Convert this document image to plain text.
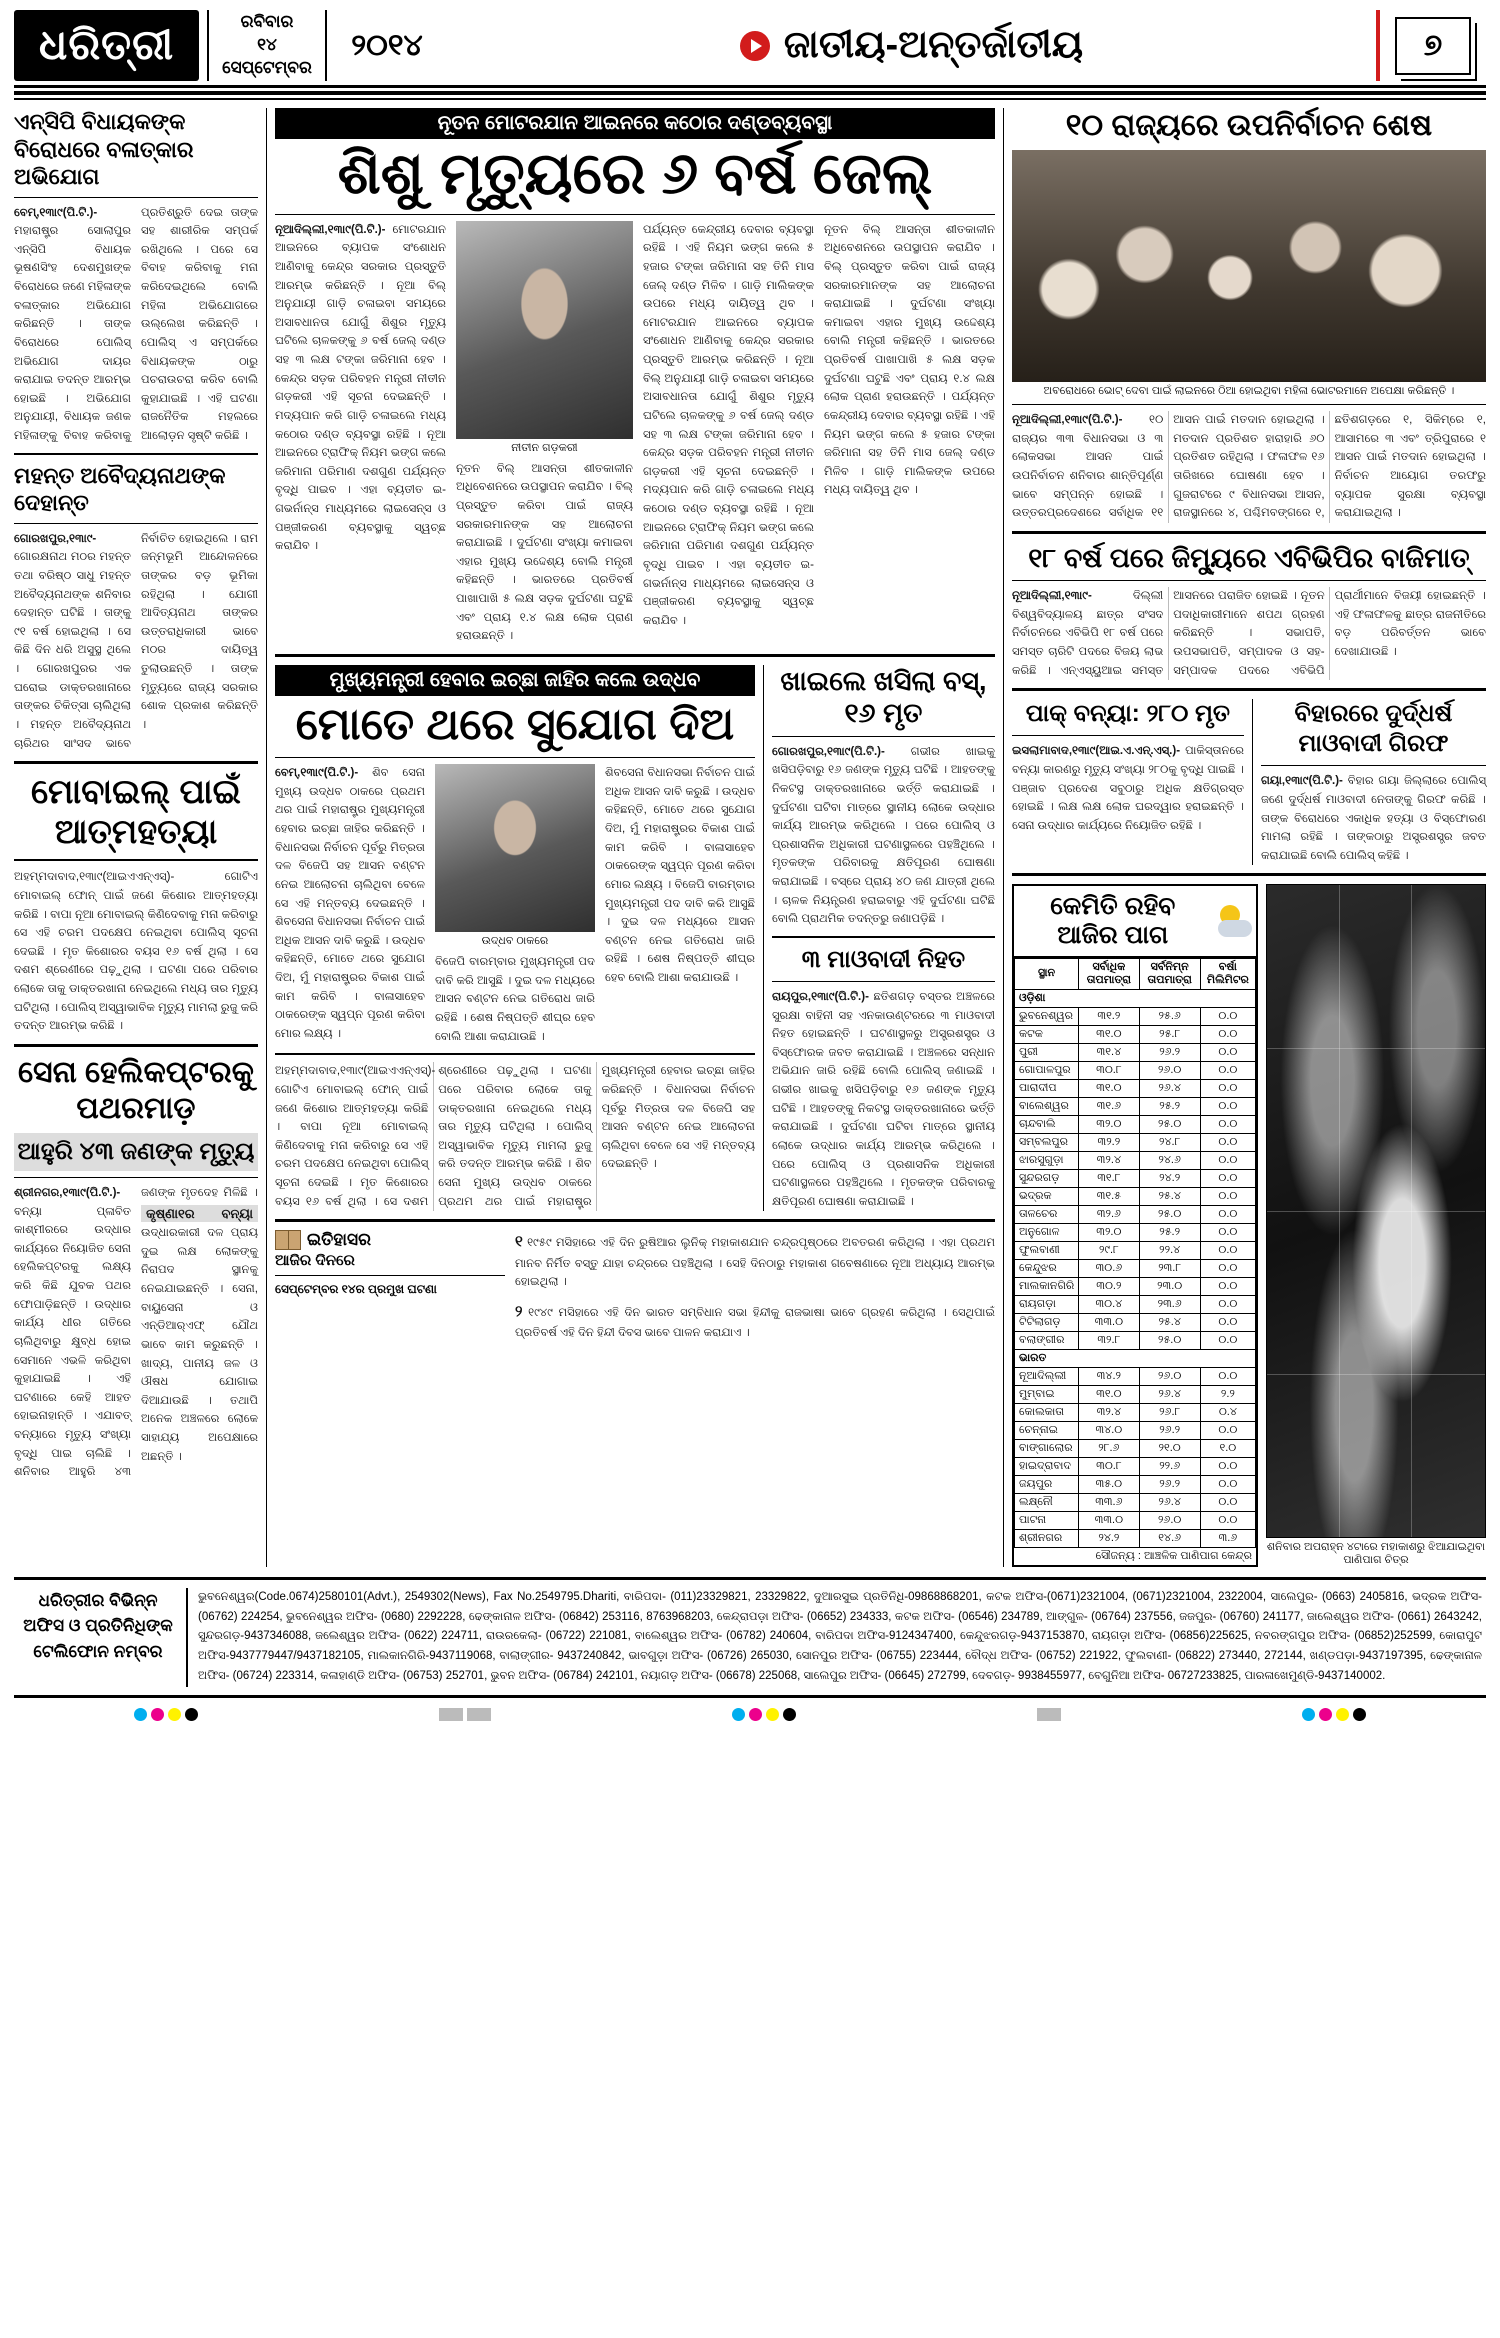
ଧରିତ୍ରୀ
ରବିବାର
୧୪ ସେପ୍ଟେମ୍ବର
୨୦୧୪	ଜାତୀୟ-ଅନ୍ତର୍ଜାତୀୟ	୭
ଏନ୍‌ସିପି ବିଧାୟକଙ୍କ ବିରୋଧରେ ବଳାତ୍କାର ଅଭିଯୋଗ
ବେମ୍‌,୧୩ା୯(ପି.ଟି.)- ମହାରାଷ୍ଟ୍ର ସୋଲାପୁର ଏନ୍‌ସିପି ବିଧାୟକ ଭୂଷଣସିଂହ ଦେଶମୁଖଙ୍କ ବିରୋଧରେ ଜଣେ ମହିଳାଙ୍କ ବଳାତ୍କାର ଅଭିଯୋଗ କରିଛନ୍ତି । ତାଙ୍କ ବିରୋଧରେ ପୋଲିସ୍‌ ଅଭିଯୋଗ ଦାୟର କରାଯାଇ ତଦନ୍ତ ଆରମ୍ଭ ହୋଇଛି । ଅଭିଯୋଗ ଅନୁଯାୟୀ, ବିଧାୟକ ଜଣକ ମହିଳାଙ୍କୁ ବିବାହ କରିବାକୁ ପ୍ରତିଶ୍ରୁତି ଦେଇ ତାଙ୍କ ସହ ଶାରୀରିକ ସମ୍ପର୍କ ରଖିଥିଲେ । ପରେ ସେ ବିବାହ କରିବାକୁ ମନା କରିଦେଇଥିଲେ ବୋଲି ମହିଳା ଅଭିଯୋଗରେ ଉଲ୍ଲେଖ କରିଛନ୍ତି । ପୋଲିସ୍‌ ଏ ସମ୍ପର୍କରେ ବିଧାୟକଙ୍କ ଠାରୁ ପଚରାଉଚରା କରିବ ବୋଲି କୁହାଯାଇଛି । ଏହି ଘଟଣା ରାଜନୈତିକ ମହଲରେ ଆଲୋଡ଼ନ ସୃଷ୍ଟି କରିଛି ।
ମହନ୍ତ ଅବୈଦ୍ୟନାଥଙ୍କ ଦେହାନ୍ତ
ଗୋରଖପୁର,୧୩ା୯- ଗୋରକ୍ଷନାଥ ମଠର ମହନ୍ତ ତଥା ବରିଷ୍ଠ ସାଧୁ ମହନ୍ତ ଅବୈଦ୍ୟନାଥଙ୍କ ଶନିବାର ଦେହାନ୍ତ ଘଟିଛି । ତାଙ୍କୁ ୯୧ ବର୍ଷ ହୋଇଥିଲା । ସେ କିଛି ଦିନ ଧରି ଅସୁସ୍ଥ ଥିଲେ । ଗୋରଖପୁରର ଏକ ଘରୋଇ ଡାକ୍ତରଖାନାରେ ତାଙ୍କର ଚିକିତ୍ସା ଚାଲିଥିଲା । ମହନ୍ତ ଅବୈଦ୍ୟନାଥ ଚାରିଥର ସାଂସଦ ଭାବେ ନିର୍ବାଚିତ ହୋଇଥିଲେ । ରାମ ଜନ୍ମଭୂମି ଆନ୍ଦୋଳନରେ ତାଙ୍କର ବଡ଼ ଭୂମିକା ରହିଥିଲା । ଯୋଗୀ ଆଦିତ୍ୟନାଥ ତାଙ୍କର ଉତ୍ତରାଧିକାରୀ ଭାବେ ମଠର ଦାୟିତ୍ୱ ତୁଲାଉଛନ୍ତି । ତାଙ୍କ ମୃତ୍ୟୁରେ ରାଜ୍ୟ ସରକାର ଶୋକ ପ୍ରକାଶ କରିଛନ୍ତି ।
ମୋବାଇଲ୍‌ ପାଇଁ ଆତ୍ମହତ୍ୟା
ଅହମ୍ମଦାବାଦ,୧୩ା୯(ଆଇଏଏନ୍‌ଏସ୍‌)- ଗୋଟିଏ ମୋବାଇଲ୍‌ ଫୋନ୍‌ ପାଇଁ ଜଣେ କିଶୋର ଆତ୍ମହତ୍ୟା କରିଛି । ବାପା ନୂଆ ମୋବାଇଲ୍‌ କିଣିଦେବାକୁ ମନା କରିବାରୁ ସେ ଏହି ଚରମ ପଦକ୍ଷେପ ନେଇଥିବା ପୋଲିସ୍‌ ସୂଚନା ଦେଇଛି । ମୃତ କିଶୋରର ବୟସ ୧୬ ବର୍ଷ ଥିଲା । ସେ ଦଶମ ଶ୍ରେଣୀରେ ପଢ଼ୁଥିଲା । ଘଟଣା ପରେ ପରିବାର ଲୋକେ ତାକୁ ଡାକ୍ତରଖାନା ନେଇଥିଲେ ମଧ୍ୟ ତାର ମୃତ୍ୟୁ ଘଟିଥିଲା । ପୋଲିସ୍‌ ଅସ୍ୱାଭାବିକ ମୃତ୍ୟୁ ମାମଲା ରୁଜୁ କରି ତଦନ୍ତ ଆରମ୍ଭ କରିଛି ।
ସେନା ହେଲିକପ୍ଟରକୁ ପଥରମାଡ଼
ଆହୁରି ୪୩ ଜଣଙ୍କ ମୃତ୍ୟୁ
ଶ୍ରୀନଗର,୧୩ା୯(ପି.ଟି.)- ବନ୍ୟା ପ୍ଳାବିତ କାଶ୍ମୀରରେ ଉଦ୍ଧାର କାର୍ଯ୍ୟରେ ନିୟୋଜିତ ସେନା ହେଲିକପ୍ଟରକୁ ଲକ୍ଷ୍ୟ କରି କିଛି ଯୁବକ ପଥର ଫୋପାଡ଼ିଛନ୍ତି । ଉଦ୍ଧାର କାର୍ଯ୍ୟ ଧୀର ଗତିରେ ଚାଲିଥିବାରୁ କ୍ଷୁବ୍ଧ ହୋଇ ସେମାନେ ଏଭଳି କରିଥିବା କୁହାଯାଇଛି । ଏହି ଘଟଣାରେ କେହି ଆହତ ହୋଇନାହାନ୍ତି । ଏଯାବତ୍‌ ବନ୍ୟାରେ ମୃତ୍ୟୁ ସଂଖ୍ୟା ବୃଦ୍ଧି ପାଇ ଚାଲିଛି । ଶନିବାର ଆହୁରି ୪୩ ଜଣଙ୍କ ମୃତଦେହ ମିଳିଛି । କୃଷ୍ଣା୧ର ବନ୍ୟା ଉଦ୍ଧାରକାରୀ ଦଳ ପ୍ରାୟ ଦୁଇ ଲକ୍ଷ ଲୋକଙ୍କୁ ନିରାପଦ ସ୍ଥାନକୁ ନେଇଯାଇଛନ୍ତି । ସେନା, ବାୟୁସେନା ଓ ଏନ୍‌ଡିଆର୍‌ଏଫ୍‌ ଯୌଥ ଭାବେ କାମ କରୁଛନ୍ତି । ଖାଦ୍ୟ, ପାନୀୟ ଜଳ ଓ ଔଷଧ ଯୋଗାଇ ଦିଆଯାଉଛି । ତଥାପି ଅନେକ ଅଞ୍ଚଳରେ ଲୋକେ ସାହାଯ୍ୟ ଅପେକ୍ଷାରେ ଅଛନ୍ତି ।
ନୂତନ ମୋଟରଯାନ ଆଇନରେ କଠୋର ଦଣ୍ଡବ୍ୟବସ୍ଥା
ଶିଶୁ ମୃତ୍ୟୁରେ ୬ ବର୍ଷ ଜେଲ୍‌
ନୂଆଦିଲ୍ଲୀ,୧୩ା୯(ପି.ଟି.)- ମୋଟରଯାନ ଆଇନରେ ବ୍ୟାପକ ସଂଶୋଧନ ଆଣିବାକୁ କେନ୍ଦ୍ର ସରକାର ପ୍ରସ୍ତୁତି ଆରମ୍ଭ କରିଛନ୍ତି । ନୂଆ ବିଲ୍‌ ଅନୁଯାୟୀ ଗାଡ଼ି ଚଳାଇବା ସମୟରେ ଅସାବଧାନତା ଯୋଗୁଁ ଶିଶୁର ମୃତ୍ୟୁ ଘଟିଲେ ଚାଳକଙ୍କୁ ୬ ବର୍ଷ ଜେଲ୍‌ ଦଣ୍ଡ ସହ ୩ ଲକ୍ଷ ଟଙ୍କା ଜରିମାନା ହେବ । କେନ୍ଦ୍ର ସଡ଼କ ପରିବହନ ମନ୍ତ୍ରୀ ନୀତୀନ ଗଡ଼କରୀ ଏହି ସୂଚନା ଦେଇଛନ୍ତି । ମଦ୍ୟପାନ କରି ଗାଡ଼ି ଚଳାଇଲେ ମଧ୍ୟ କଠୋର ଦଣ୍ଡ ବ୍ୟବସ୍ଥା ରହିଛି । ନୂଆ ଆଇନରେ ଟ୍ରାଫିକ୍‌ ନିୟମ ଭଙ୍ଗ କଲେ ଜରିମାନା ପରିମାଣ ଦଶଗୁଣ ପର୍ଯ୍ୟନ୍ତ ବୃଦ୍ଧି ପାଇବ । ଏହା ବ୍ୟତୀତ ଇ-ଗଭର୍ନାନ୍ସ ମାଧ୍ୟମରେ ଲାଇସେନ୍ସ ଓ ପଞ୍ଜୀକରଣ ବ୍ୟବସ୍ଥାକୁ ସ୍ୱଚ୍ଛ କରାଯିବ ।
ନୀତୀନ ଗଡ଼କରୀ
ନୂତନ ବିଲ୍‌ ଆସନ୍ତା ଶୀତକାଳୀନ ଅଧିବେଶନରେ ଉପସ୍ଥାପନ କରାଯିବ । ବିଲ୍‌ ପ୍ରସ୍ତୁତ କରିବା ପାଇଁ ରାଜ୍ୟ ସରକାରମାନଙ୍କ ସହ ଆଲୋଚନା କରାଯାଇଛି । ଦୁର୍ଘଟଣା ସଂଖ୍ୟା କମାଇବା ଏହାର ମୁଖ୍ୟ ଉଦ୍ଦେଶ୍ୟ ବୋଲି ମନ୍ତ୍ରୀ କହିଛନ୍ତି । ଭାରତରେ ପ୍ରତିବର୍ଷ ପାଖାପାଖି ୫ ଲକ୍ଷ ସଡ଼କ ଦୁର୍ଘଟଣା ଘଟୁଛି ଏବଂ ପ୍ରାୟ ୧.୪ ଲକ୍ଷ ଲୋକ ପ୍ରାଣ ହରାଉଛନ୍ତି ।
ପର୍ଯ୍ୟନ୍ତ କେନ୍ଦ୍ରୀୟ ଦେବାର ବ୍ୟବସ୍ଥା ରହିଛି । ଏହି ନିୟମ ଭଙ୍ଗ କଲେ ୫ ହଜାର ଟଙ୍କା ଜରିମାନା ସହ ତିନି ମାସ ଜେଲ୍‌ ଦଣ୍ଡ ମିଳିବ । ଗାଡ଼ି ମାଲିକଙ୍କ ଉପରେ ମଧ୍ୟ ଦାୟିତ୍ୱ ଥିବ । ମୋଟରଯାନ ଆଇନରେ ବ୍ୟାପକ ସଂଶୋଧନ ଆଣିବାକୁ କେନ୍ଦ୍ର ସରକାର ପ୍ରସ୍ତୁତି ଆରମ୍ଭ କରିଛନ୍ତି । ନୂଆ ବିଲ୍‌ ଅନୁଯାୟୀ ଗାଡ଼ି ଚଳାଇବା ସମୟରେ ଅସାବଧାନତା ଯୋଗୁଁ ଶିଶୁର ମୃତ୍ୟୁ ଘଟିଲେ ଚାଳକଙ୍କୁ ୬ ବର୍ଷ ଜେଲ୍‌ ଦଣ୍ଡ ସହ ୩ ଲକ୍ଷ ଟଙ୍କା ଜରିମାନା ହେବ । କେନ୍ଦ୍ର ସଡ଼କ ପରିବହନ ମନ୍ତ୍ରୀ ନୀତୀନ ଗଡ଼କରୀ ଏହି ସୂଚନା ଦେଇଛନ୍ତି । ମଦ୍ୟପାନ କରି ଗାଡ଼ି ଚଳାଇଲେ ମଧ୍ୟ କଠୋର ଦଣ୍ଡ ବ୍ୟବସ୍ଥା ରହିଛି । ନୂଆ ଆଇନରେ ଟ୍ରାଫିକ୍‌ ନିୟମ ଭଙ୍ଗ କଲେ ଜରିମାନା ପରିମାଣ ଦଶଗୁଣ ପର୍ଯ୍ୟନ୍ତ ବୃଦ୍ଧି ପାଇବ । ଏହା ବ୍ୟତୀତ ଇ-ଗଭର୍ନାନ୍ସ ମାଧ୍ୟମରେ ଲାଇସେନ୍ସ ଓ ପଞ୍ଜୀକରଣ ବ୍ୟବସ୍ଥାକୁ ସ୍ୱଚ୍ଛ କରାଯିବ ।
ନୂତନ ବିଲ୍‌ ଆସନ୍ତା ଶୀତକାଳୀନ ଅଧିବେଶନରେ ଉପସ୍ଥାପନ କରାଯିବ । ବିଲ୍‌ ପ୍ରସ୍ତୁତ କରିବା ପାଇଁ ରାଜ୍ୟ ସରକାରମାନଙ୍କ ସହ ଆଲୋଚନା କରାଯାଇଛି । ଦୁର୍ଘଟଣା ସଂଖ୍ୟା କମାଇବା ଏହାର ମୁଖ୍ୟ ଉଦ୍ଦେଶ୍ୟ ବୋଲି ମନ୍ତ୍ରୀ କହିଛନ୍ତି । ଭାରତରେ ପ୍ରତିବର୍ଷ ପାଖାପାଖି ୫ ଲକ୍ଷ ସଡ଼କ ଦୁର୍ଘଟଣା ଘଟୁଛି ଏବଂ ପ୍ରାୟ ୧.୪ ଲକ୍ଷ ଲୋକ ପ୍ରାଣ ହରାଉଛନ୍ତି । ପର୍ଯ୍ୟନ୍ତ କେନ୍ଦ୍ରୀୟ ଦେବାର ବ୍ୟବସ୍ଥା ରହିଛି । ଏହି ନିୟମ ଭଙ୍ଗ କଲେ ୫ ହଜାର ଟଙ୍କା ଜରିମାନା ସହ ତିନି ମାସ ଜେଲ୍‌ ଦଣ୍ଡ ମିଳିବ । ଗାଡ଼ି ମାଲିକଙ୍କ ଉପରେ ମଧ୍ୟ ଦାୟିତ୍ୱ ଥିବ ।
ମୁଖ୍ୟମନ୍ତ୍ରୀ ହେବାର ଇଚ୍ଛା ଜାହିର କଲେ ଉଦ୍ଧବ
ମୋତେ ଥରେ ସୁଯୋଗ ଦିଅ
ବେମ୍‌,୧୩ା୯(ପି.ଟି.)- ଶିବ ସେନା ମୁଖ୍ୟ ଉଦ୍ଧବ ଠାକରେ ପ୍ରଥମ ଥର ପାଇଁ ମହାରାଷ୍ଟ୍ର ମୁଖ୍ୟମନ୍ତ୍ରୀ ହେବାର ଇଚ୍ଛା ଜାହିର କରିଛନ୍ତି । ବିଧାନସଭା ନିର୍ବାଚନ ପୂର୍ବରୁ ମିତ୍ରତା ଦଳ ବିଜେପି ସହ ଆସନ ବଣ୍ଟନ ନେଇ ଆଲୋଚନା ଚାଲିଥିବା ବେଳେ ସେ ଏହି ମନ୍ତବ୍ୟ ଦେଇଛନ୍ତି । ଶିବସେନା ବିଧାନସଭା ନିର୍ବାଚନ ପାଇଁ ଅଧିକ ଆସନ ଦାବି କରୁଛି । ଉଦ୍ଧବ କହିଛନ୍ତି, ମୋତେ ଥରେ ସୁଯୋଗ ଦିଅ, ମୁଁ ମହାରାଷ୍ଟ୍ରର ବିକାଶ ପାଇଁ କାମ କରିବି । ବାଳାସାହେବ ଠାକରେଙ୍କ ସ୍ୱପ୍ନ ପୂରଣ କରିବା ମୋର ଲକ୍ଷ୍ୟ ।
ଉଦ୍ଧବ ଠାକରେ
ବିଜେପି ବାରମ୍ବାର ମୁଖ୍ୟମନ୍ତ୍ରୀ ପଦ ଦାବି କରି ଆସୁଛି । ଦୁଇ ଦଳ ମଧ୍ୟରେ ଆସନ ବଣ୍ଟନ ନେଇ ଗତିରୋଧ ଜାରି ରହିଛି । ଶେଷ ନିଷ୍ପତ୍ତି ଶୀଘ୍ର ହେବ ବୋଲି ଆଶା କରାଯାଉଛି ।
ଶିବସେନା ବିଧାନସଭା ନିର୍ବାଚନ ପାଇଁ ଅଧିକ ଆସନ ଦାବି କରୁଛି । ଉଦ୍ଧବ କହିଛନ୍ତି, ମୋତେ ଥରେ ସୁଯୋଗ ଦିଅ, ମୁଁ ମହାରାଷ୍ଟ୍ରର ବିକାଶ ପାଇଁ କାମ କରିବି । ବାଳାସାହେବ ଠାକରେଙ୍କ ସ୍ୱପ୍ନ ପୂରଣ କରିବା ମୋର ଲକ୍ଷ୍ୟ । ବିଜେପି ବାରମ୍ବାର ମୁଖ୍ୟମନ୍ତ୍ରୀ ପଦ ଦାବି କରି ଆସୁଛି । ଦୁଇ ଦଳ ମଧ୍ୟରେ ଆସନ ବଣ୍ଟନ ନେଇ ଗତିରୋଧ ଜାରି ରହିଛି । ଶେଷ ନିଷ୍ପତ୍ତି ଶୀଘ୍ର ହେବ ବୋଲି ଆଶା କରାଯାଉଛି ।
ଅହମ୍ମଦାବାଦ,୧୩ା୯(ଆଇଏଏନ୍‌ଏସ୍‌)- ଗୋଟିଏ ମୋବାଇଲ୍‌ ଫୋନ୍‌ ପାଇଁ ଜଣେ କିଶୋର ଆତ୍ମହତ୍ୟା କରିଛି । ବାପା ନୂଆ ମୋବାଇଲ୍‌ କିଣିଦେବାକୁ ମନା କରିବାରୁ ସେ ଏହି ଚରମ ପଦକ୍ଷେପ ନେଇଥିବା ପୋଲିସ୍‌ ସୂଚନା ଦେଇଛି । ମୃତ କିଶୋରର ବୟସ ୧୬ ବର୍ଷ ଥିଲା । ସେ ଦଶମ ଶ୍ରେଣୀରେ ପଢ଼ୁଥିଲା । ଘଟଣା ପରେ ପରିବାର ଲୋକେ ତାକୁ ଡାକ୍ତରଖାନା ନେଇଥିଲେ ମଧ୍ୟ ତାର ମୃତ୍ୟୁ ଘଟିଥିଲା । ପୋଲିସ୍‌ ଅସ୍ୱାଭାବିକ ମୃତ୍ୟୁ ମାମଲା ରୁଜୁ କରି ତଦନ୍ତ ଆରମ୍ଭ କରିଛି । ଶିବ ସେନା ମୁଖ୍ୟ ଉଦ୍ଧବ ଠାକରେ ପ୍ରଥମ ଥର ପାଇଁ ମହାରାଷ୍ଟ୍ର ମୁଖ୍ୟମନ୍ତ୍ରୀ ହେବାର ଇଚ୍ଛା ଜାହିର କରିଛନ୍ତି । ବିଧାନସଭା ନିର୍ବାଚନ ପୂର୍ବରୁ ମିତ୍ରତା ଦଳ ବିଜେପି ସହ ଆସନ ବଣ୍ଟନ ନେଇ ଆଲୋଚନା ଚାଲିଥିବା ବେଳେ ସେ ଏହି ମନ୍ତବ୍ୟ ଦେଇଛନ୍ତି ।
ଖାଇଲେ ଖସିଲା ବସ୍‌, ୧୬ ମୃତ
ଗୋରଖପୁର,୧୩ା୯(ପି.ଟି.)- ଗଭୀର ଖାଇକୁ ଖସିପଡ଼ିବାରୁ ୧୬ ଜଣଙ୍କ ମୃତ୍ୟୁ ଘଟିଛି । ଆହତଙ୍କୁ ନିକଟସ୍ଥ ଡାକ୍ତରଖାନାରେ ଭର୍ତ୍ତି କରାଯାଇଛି । ଦୁର୍ଘଟଣା ଘଟିବା ମାତ୍ରେ ସ୍ଥାନୀୟ ଲୋକେ ଉଦ୍ଧାର କାର୍ଯ୍ୟ ଆରମ୍ଭ କରିଥିଲେ । ପରେ ପୋଲିସ୍‌ ଓ ପ୍ରଶାସନିକ ଅଧିକାରୀ ଘଟଣାସ୍ଥଳରେ ପହଞ୍ଚିଥିଲେ । ମୃତକଙ୍କ ପରିବାରକୁ କ୍ଷତିପୂରଣ ଘୋଷଣା କରାଯାଇଛି । ବସ୍‌ରେ ପ୍ରାୟ ୪୦ ଜଣ ଯାତ୍ରୀ ଥିଲେ । ଚାଳକ ନିୟନ୍ତ୍ରଣ ହରାଇବାରୁ ଏହି ଦୁର୍ଘଟଣା ଘଟିଛି ବୋଲି ପ୍ରାଥମିକ ତଦନ୍ତରୁ ଜଣାପଡ଼ିଛି ।
୩ ମାଓବାଦୀ ନିହତ
ରାୟପୁର,୧୩ା୯(ପି.ଟି.)- ଛତିଶଗଡ଼ ବସ୍ତର ଅଞ୍ଚଳରେ ସୁରକ୍ଷା ବାହିନୀ ସହ ଏନକାଉଣ୍ଟରରେ ୩ ମାଓବାଦୀ ନିହତ ହୋଇଛନ୍ତି । ଘଟଣାସ୍ଥଳରୁ ଅସ୍ତ୍ରଶସ୍ତ୍ର ଓ ବିସ୍ଫୋରକ ଜବତ କରାଯାଇଛି । ଅଞ୍ଚଳରେ ସନ୍ଧାନ ଅଭିଯାନ ଜାରି ରହିଛି ବୋଲି ପୋଲିସ୍‌ ଜଣାଇଛି । ଗଭୀର ଖାଇକୁ ଖସିପଡ଼ିବାରୁ ୧୬ ଜଣଙ୍କ ମୃତ୍ୟୁ ଘଟିଛି । ଆହତଙ୍କୁ ନିକଟସ୍ଥ ଡାକ୍ତରଖାନାରେ ଭର୍ତ୍ତି କରାଯାଇଛି । ଦୁର୍ଘଟଣା ଘଟିବା ମାତ୍ରେ ସ୍ଥାନୀୟ ଲୋକେ ଉଦ୍ଧାର କାର୍ଯ୍ୟ ଆରମ୍ଭ କରିଥିଲେ । ପରେ ପୋଲିସ୍‌ ଓ ପ୍ରଶାସନିକ ଅଧିକାରୀ ଘଟଣାସ୍ଥଳରେ ପହଞ୍ଚିଥିଲେ । ମୃତକଙ୍କ ପରିବାରକୁ କ୍ଷତିପୂରଣ ଘୋଷଣା କରାଯାଇଛି ।
ଇତିହାସର
ଆଜିର ଦିନରେ
ସେପ୍ଟେମ୍ବର ୧୪ର ପ୍ରମୁଖ ଘଟଣା
୧ ୧୯୫୯ ମସିହାରେ ଏହି ଦିନ ରୁଷିଆର ଲୁନିକ୍‌ ମହାକାଶଯାନ ଚନ୍ଦ୍ରପୃଷ୍ଠରେ ଅବତରଣ କରିଥିଲା । ଏହା ପ୍ରଥମ ମାନବ ନିର୍ମିତ ବସ୍ତୁ ଯାହା ଚନ୍ଦ୍ରରେ ପହଞ୍ଚିଥିଲା । ସେହି ଦିନଠାରୁ ମହାକାଶ ଗବେଷଣାରେ ନୂଆ ଅଧ୍ୟାୟ ଆରମ୍ଭ ହୋଇଥିଲା ।
୨ ୧୯୪୯ ମସିହାରେ ଏହି ଦିନ ଭାରତ ସମ୍ବିଧାନ ସଭା ହିନ୍ଦୀକୁ ରାଜଭାଷା ଭାବେ ଗ୍ରହଣ କରିଥିଲା । ସେଥିପାଇଁ ପ୍ରତିବର୍ଷ ଏହି ଦିନ ହିନ୍ଦୀ ଦିବସ ଭାବେ ପାଳନ କରାଯାଏ ।
୧୦ ରାଜ୍ୟରେ ଉପନିର୍ବାଚନ ଶେଷ
ଅବରୋଧରେ ଭୋଟ୍‌ ଦେବା ପାଇଁ ଲାଇନରେ ଠିଆ ହୋଇଥିବା ମହିଳା ଭୋଟରମାନେ ଅପେକ୍ଷା କରିଛନ୍ତି ।
ନୂଆଦିଲ୍ଲୀ,୧୩ା୯(ପି.ଟି.)- ୧୦ ରାଜ୍ୟର ୩୩ ବିଧାନସଭା ଓ ୩ ଲୋକସଭା ଆସନ ପାଇଁ ଉପନିର୍ବାଚନ ଶନିବାର ଶାନ୍ତିପୂର୍ଣ୍ଣ ଭାବେ ସମ୍ପନ୍ନ ହୋଇଛି । ଉତ୍ତରପ୍ରଦେଶରେ ସର୍ବାଧିକ ୧୧ ଆସନ ପାଇଁ ମତଦାନ ହୋଇଥିଲା । ମତଦାନ ପ୍ରତିଶତ ହାରାହାରି ୬୦ ପ୍ରତିଶତ ରହିଥିଲା । ଫଳାଫଳ ୧୬ ତାରିଖରେ ଘୋଷଣା ହେବ । ଗୁଜରାଟରେ ୯ ବିଧାନସଭା ଆସନ, ରାଜସ୍ଥାନରେ ୪, ପଶ୍ଚିମବଙ୍ଗରେ ୧, ଛତିଶଗଡ଼ରେ ୧, ସିକିମ୍‌ରେ ୧, ଆସାମରେ ୩ ଏବଂ ତ୍ରିପୁରାରେ ୧ ଆସନ ପାଇଁ ମତଦାନ ହୋଇଥିଲା । ନିର୍ବାଚନ ଆୟୋଗ ତରଫରୁ ବ୍ୟାପକ ସୁରକ୍ଷା ବ୍ୟବସ୍ଥା କରାଯାଇଥିଲା ।
୧୮ ବର୍ଷ ପରେ ଜିମ୍ୟୁରେ ଏବିଭିପିର ବାଜିମାତ୍‌
ନୂଆଦିଲ୍ଲୀ,୧୩ା୯-	ଦିଲ୍ଲୀ ବିଶ୍ୱବିଦ୍ୟାଳୟ ଛାତ୍ର ସଂସଦ ନିର୍ବାଚନରେ ଏବିଭିପି ୧୮ ବର୍ଷ ପରେ ସମସ୍ତ ଚାରିଟି ପଦରେ ବିଜୟ ଲାଭ କରିଛି । ଏନ୍‌ଏସ୍‌ୟୁଆଇ ସମସ୍ତ ଆସନରେ ପରାଜିତ ହୋଇଛି । ନୂତନ ପଦାଧିକାରୀମାନେ ଶପଥ ଗ୍ରହଣ କରିଛନ୍ତି ।	ସଭାପତି, ଉପସଭାପତି, ସମ୍ପାଦକ ଓ ସହ-ସମ୍ପାଦକ ପଦରେ ଏବିଭିପି ପ୍ରାର୍ଥୀମାନେ ବିଜୟୀ ହୋଇଛନ୍ତି । ଏହି ଫଳାଫଳକୁ ଛାତ୍ର ରାଜନୀତିରେ ବଡ଼ ପରିବର୍ତ୍ତନ ଭାବେ ଦେଖାଯାଉଛି ।
ପାକ୍‌ ବନ୍ୟା: ୨୮୦ ମୃତ
ଇସଲାମାବାଦ,୧୩ା୯(ଆଇ.ଏ.ଏନ୍‌.ଏସ୍‌.)- ପାକିସ୍ତାନରେ ବନ୍ୟା କାରଣରୁ ମୃତ୍ୟୁ ସଂଖ୍ୟା ୨୮୦କୁ ବୃଦ୍ଧି ପାଇଛି । ପଞ୍ଜାବ ପ୍ରଦେଶ ସବୁଠାରୁ ଅଧିକ କ୍ଷତିଗ୍ରସ୍ତ ହୋଇଛି । ଲକ୍ଷ ଲକ୍ଷ ଲୋକ ଘରଦ୍ୱାର ହରାଇଛନ୍ତି । ସେନା ଉଦ୍ଧାର କାର୍ଯ୍ୟରେ ନିୟୋଜିତ ରହିଛି ।
ବିହାରରେ ଦୁର୍ଦ୍ଧର୍ଷ ମାଓବାଦୀ ଗିରଫ
ଗୟା,୧୩ା୯(ପି.ଟି.)- ବିହାର ଗୟା ଜିଲ୍ଲାରେ ପୋଲିସ୍‌ ଜଣେ ଦୁର୍ଦ୍ଧର୍ଷ ମାଓବାଦୀ ନେତାଙ୍କୁ ଗିରଫ କରିଛି । ତାଙ୍କ ବିରୋଧରେ ଏକାଧିକ ହତ୍ୟା ଓ ବିସ୍ଫୋରଣ ମାମଲା ରହିଛି । ତାଙ୍କଠାରୁ ଅସ୍ତ୍ରଶସ୍ତ୍ର ଜବତ କରାଯାଇଛି ବୋଲି ପୋଲିସ୍‌ କହିଛି ।
କେମିତି ରହିବ ଆଜିର ପାଗ
ସ୍ଥାନ	ସର୍ବାଧିକ ତାପମାତ୍ରା	ସର୍ବନିମ୍ନ ତାପମାତ୍ରା	ବର୍ଷା ମିଲିମିଟର
ଓଡ଼ିଶା			
ଭୁବନେଶ୍ୱର	୩୧.୨	୨୫.୬	୦.୦
କଟକ	୩୧.୦	୨୫.୮	୦.୦
ପୁରୀ	୩୧.୪	୨୬.୨	୦.୦
ଗୋପାଳପୁର	୩୦.୮	୨୬.୦	୦.୦
ପାରାଦୀପ	୩୧.୦	୨୬.୪	୦.୦
ବାଲେଶ୍ୱର	୩୧.୬	୨୫.୨	୦.୦
ଚାନ୍ଦବାଲି	୩୨.୦	୨୫.୦	୦.୦
ସମ୍ବଲପୁର	୩୨.୨	୨୪.୮	୦.୦
ଝାରସୁଗୁଡ଼ା	୩୨.୪	୨୪.୬	୦.୦
ସୁନ୍ଦରଗଡ଼	୩୧.୮	୨୪.୨	୦.୦
ଭଦ୍ରକ	୩୧.୫	୨୫.୪	୦.୦
ତାଳଚେର	୩୨.୬	୨୫.୦	୦.୦
ଅନୁଗୋଳ	୩୨.୦	୨୫.୨	୦.୦
ଫୁଲବାଣୀ	୨୯.୮	୨୨.୪	୦.୦
କେନ୍ଦୁଝର	୩୦.୬	୨୩.୮	୦.୦
ମାଲକାନଗିରି	୩୦.୨	୨୩.୦	୦.୦
ରାୟଗଡ଼ା	୩୦.୪	୨୩.୬	୦.୦
ଟିଟିଲାଗଡ଼	୩୩.୦	୨୫.୪	୦.୦
ବଲାଙ୍ଗୀର	୩୨.୮	୨୫.୦	୦.୦
ଭାରତ			
ନୂଆଦିଲ୍ଲୀ	୩୪.୨	୨୬.୦	୦.୦
ମୁମ୍ବାଇ	୩୧.୦	୨୬.୪	୨.୨
କୋଲକାତା	୩୨.୪	୨୬.୮	୦.୪
ଚେନ୍ନାଇ	୩୪.୦	୨୬.୨	୦.୦
ବାଙ୍ଗାଲୋର	୨୮.୬	୨୧.୦	୧.୦
ହାଇଦ୍ରାବାଦ	୩୦.୮	୨୨.୬	୦.୦
ଜୟପୁର	୩୫.୦	୨୬.୨	୦.୦
ଲକ୍ଷ୍ନୌ	୩୩.୬	୨୬.୪	୦.୦
ପାଟନା	୩୩.୦	୨୬.୦	୦.୦
ଶ୍ରୀନଗର	୨୪.୨	୧୪.୬	୩.୬
ସୌଜନ୍ୟ : ଆଞ୍ଚଳିକ ପାଣିପାଗ କେନ୍ଦ୍ର
ଶନିବାର ଅପରାହ୍ନ ୪ଟାରେ ମହାକାଶରୁ ଝିଆଯାଇଥିବା ପାଣିପାଗ ଚିତ୍ର
ଧରିତ୍ରୀର ବିଭିନ୍ନ ଅଫିସ ଓ ପ୍ରତିନିଧିଙ୍କ ଟେଲିଫୋନ ନମ୍ବର
ଭୁବନେଶ୍ୱର(Code.0674)2580101(Advt.), 2549302(News), Fax No.2549795.Dhariti, ବାରିପଦା- (011)23329821, 23329822, ଦୁଆରସୁଇ ପ୍ରତିନିଧି-09868868201, କଟକ ଅଫିସ-(0671)2321004, (0671)2321004, 2322004, ସାଲେପୁର- (0663) 2405816, ଭଦ୍ରକ ଅଫିସ- (06762) 224254, ଭୁବନେଶ୍ୱର ଅଫିସ- (0680) 2292228, ଢେଙ୍କାନାଳ ଅଫିସ- (06842) 253116, 8763968203, କେନ୍ଦ୍ରାପଡ଼ା ଅଫିସ- (06652) 234333, କଟକ ଅଫିସ- (06546) 234789, ଆଙ୍ଗୁଳ- (06764) 237556, ଜଜପୁର- (06760) 241177, ଜାଲେଶ୍ୱର ଅଫିସ- (0661) 2643242, ସୁନ୍ଦରଗଡ଼-9437346088, ଜଲେଶ୍ୱର ଅଫିସ- (0622) 224711, ରାଉରକେଲା- (06722) 221081, ବାଲେଶ୍ୱର ଅଫିସ- (06782) 240604, ବାରିପଦା ଅଫିସ-9124347400, କେନ୍ଦୁଝରଗଡ଼-9437153870, ରାୟଗଡ଼ା ଅଫିସ- (06856)225625, ନବରଙ୍ଗପୁର ଅଫିସ- (06852)252599, କୋରାପୁଟ ଅଫିସ-9437779447/9437182105, ମାଲକାନଗିରି-9437119068, ବାଲାଙ୍ଗୀର- 9437240842, ଭାବଗୁଡ଼ା ଅଫିସ- (06726) 265030, ସୋନପୁର ଅଫିସ- (06755) 223444, ବୌଦ୍ଧ ଅଫିସ- (06752) 221922, ଫୁଲବାଣୀ- (06822) 273440, 272144, ଖଣ୍ଡପଡ଼ା-9437197395, ଢେଙ୍କାନାଳ ଅଫିସ- (06724) 223314, କଳାହାଣ୍ଡି ଅଫିସ- (06753) 252701, ଭୁବନ ଅଫିସ- (06784) 242101, ନୟାଗଡ଼ ଅଫିସ- (06678) 225068, ସାଲେପୁର ଅଫିସ- (06645) 272799, ଦେବଗଡ଼- 9938455977, ବେଗୁନିଆ ଅଫିସ- 06727233825, ପାରଳାଖେମୁଣ୍ଡି-9437140002.
